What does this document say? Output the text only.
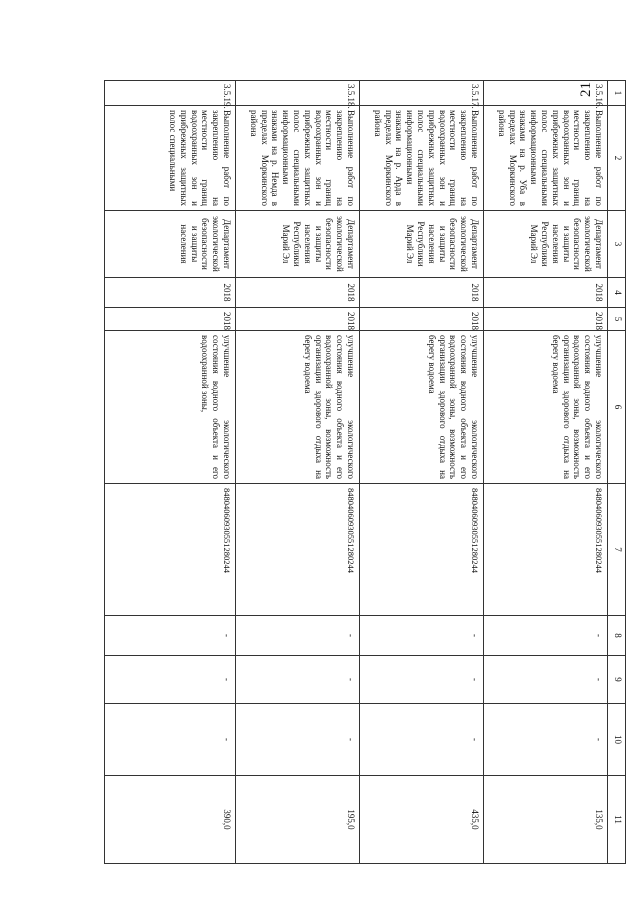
21 1	2	3	4	5	6	7	8	9	10	11
3.5.16.	Выполнение работ по закреплению на местности границ водоохранных зон и прибрежных защитных полос специальными информационными знаками на р. Уба в пределах Моркинского района	Департамент экологической безопасности и защиты населения Республики Марий Эл	2018	2018	улучшение экологического состояния водного объекта и его водоохранной зоны, возможность организации здорового отдыха на берегу водоема	84804060930551280244	-	-	-	135,0
3.5.17.	Выполнение работ по закреплению на местности границ водоохранных зон и прибрежных защитных полос специальными информационными знаками на р. Арда в пределах Моркинского района	Департамент экологической безопасности и защиты населения Республики Марий Эл	2018	2018	улучшение экологического состояния водного объекта и его водоохранной зоны, возможность организации здорового отдыха на берегу водоема	84804060930551280244	-	-	-	435,0
3.5.18.	Выполнение работ по закреплению на местности границ водоохранных зон и прибрежных защитных полос специальными информационными знаками на р. Немда в пределах Моркинского района	Департамент экологической безопасности и защиты населения Республики Марий Эл	2018	2018	улучшение экологического состояния водного объекта и его водоохранной зоны, возможность организации здорового отдыха на берегу водоема	84804060930551280244	-	-	-	195,0
3.5.19.	Выполнение работ по закреплению на местности границ водоохранных зон и прибрежных защитных полос специальными	Департамент экологической безопасности и защиты населения	2018	2018	улучшение экологического состояния водного объекта и его водоохранной зоны,	84804060930551280244	-	-	-	390,0
